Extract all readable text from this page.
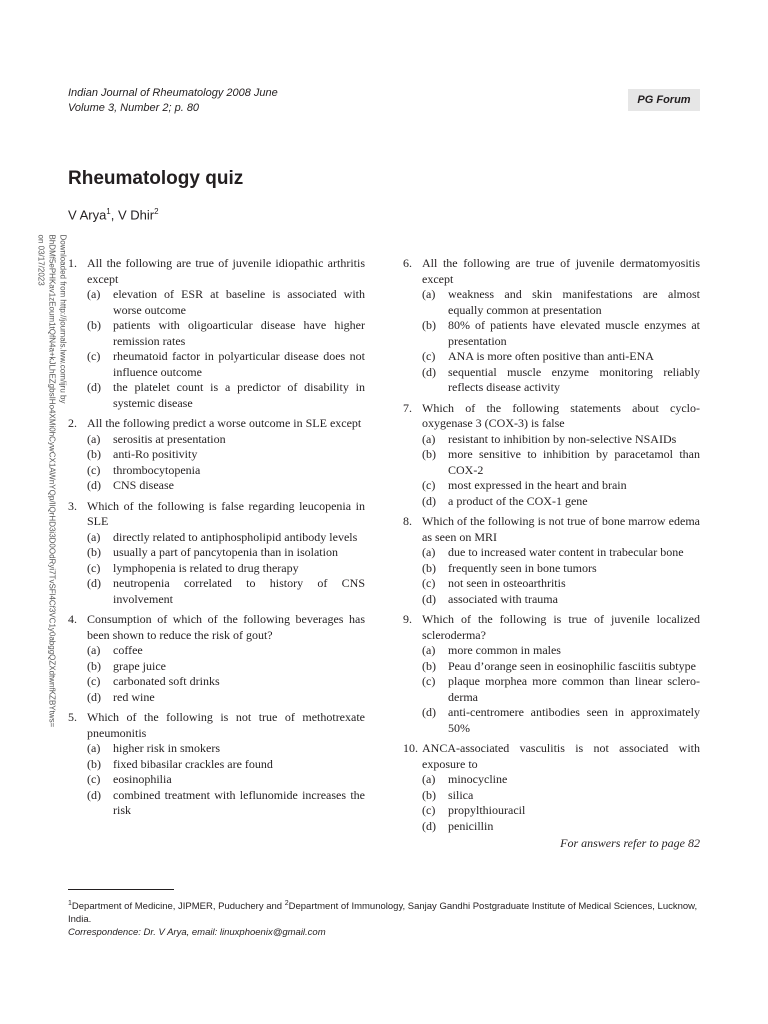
Indian Journal of Rheumatology 2008 June
Volume 3, Number 2; p. 80
PG Forum
Rheumatology quiz
V Arya$^1$, V Dhir$^2$
Downloaded from http://journals.lww.com/ijru by BhDMf5ePHKav1zEoum1tQfN4a+kJLhEZgbsIHo4XMi0hCywCX1AWnYQp/IlQrHD3i3D0OdRyi7TvSFl4Cf3VC1y0abggQZXdtwnfKZBYtws= on 03/17/2023	1. All the following are true of juvenile idiopathic arthritis except
(a)	elevation of ESR at baseline is associated with worse outcome
(b)	patients with oligoarticular disease have higher remission rates
(c)	rheumatoid factor in polyarticular disease does not influence outcome
(d)	the platelet count is a predictor of disability in systemic disease
2. All the following predict a worse outcome in SLE except
(a)	serositis at presentation
(b)	anti-Ro positivity
(c)	thrombocytopenia
(d)	CNS disease
3. Which of the following is false regarding leucopenia in SLE
(a)	directly related to antiphospholipid antibody levels
(b)	usually a part of pancytopenia than in isolation
(c)	lymphopenia is related to drug therapy
(d)	neutropenia correlated to history of CNS involvement
4. Consumption of which of the following beverages has been shown to reduce the risk of gout?
(a)	coffee
(b)	grape juice
(c)	carbonated soft drinks
(d)	red wine
5. Which of the following is not true of methotrexate pneumonitis
(a)	higher risk in smokers
(b)	fixed bibasilar crackles are found
(c)	eosinophilia
(d)	combined treatment with leflunomide increases the risk
6. All the following are true of juvenile dermatomyositis except
(a)	weakness and skin manifestations are almost equally common at presentation
(b)	80% of patients have elevated muscle enzymes at presentation
(c)	ANA is more often positive than anti-ENA
(d)	sequential muscle enzyme monitoring reliably reflects disease activity
7. Which of the following statements about cyclo-oxygenase 3 (COX-3) is false
(a)	resistant to inhibition by non-selective NSAIDs
(b)	more sensitive to inhibition by paracetamol than COX-2
(c)	most expressed in the heart and brain
(d)	a product of the COX-1 gene
8. Which of the following is not true of bone marrow edema as seen on MRI
(a)	due to increased water content in trabecular bone
(b)	frequently seen in bone tumors
(c)	not seen in osteoarthritis
(d)	associated with trauma
9. Which of the following is true of juvenile localized scleroderma?
(a)	more common in males
(b)	Peau d’orange seen in eosinophilic fasciitis subtype
(c)	plaque morphea more common than linear sclero-derma
(d)	anti-centromere antibodies seen in approximately 50%
10. ANCA-associated vasculitis is not associated with exposure to
(a)	minocycline
(b)	silica
(c)	propylthiouracil
(d)	penicillin
For answers refer to page 82
$^1$Department of Medicine, JIPMER, Puduchery and $^2$Department of Immunology, Sanjay Gandhi Postgraduate Institute of Medical Sciences, Lucknow, India.
Correspondence: Dr. V Arya, email: linuxphoenix@gmail.com
